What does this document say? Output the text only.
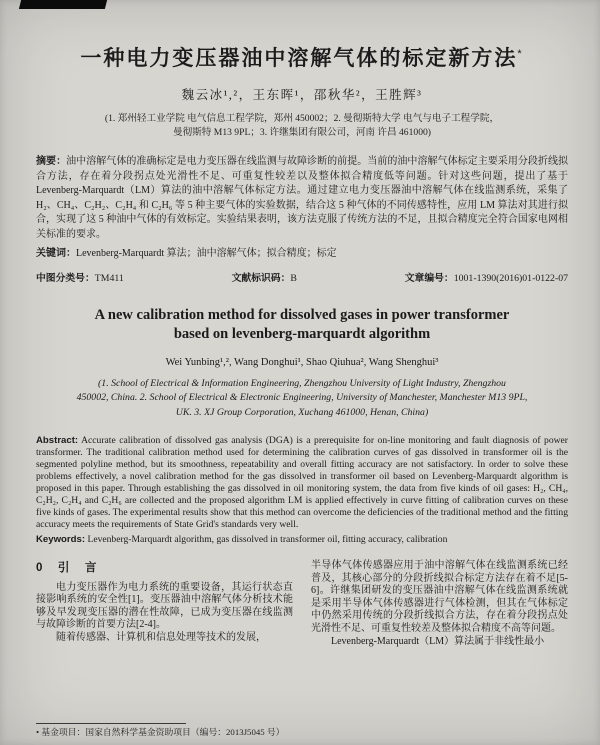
一种电力变压器油中溶解气体的标定新方法*
魏云冰¹,²，王东晖¹，邵秋华²，王胜辉³
(1. 郑州轻工业学院 电气信息工程学院，郑州 450002；2. 曼彻斯特大学 电气与电子工程学院，
曼彻斯特 M13 9PL；3. 许继集团有限公司，河南 许昌 461000)

摘要：油中溶解气体的准确标定是电力变压器在线监测与故障诊断的前提。当前的油中溶解气体标定主要采用分段折线拟合方法，存在着分段拐点处光滑性不足、可重复性较差以及整体拟合精度低等问题。针对这些问题，提出了基于 Levenberg-Marquardt（LM）算法的油中溶解气体标定方法。通过建立电力变压器油中溶解气体在线监测系统，采集了 H₂、CH₄、C₂H₂、C₂H₄ 和 C₂H₆ 等 5 种主要气体的实验数据，结合这 5 种气体的不同传感特性，应用 LM 算法对其进行拟合，实现了这 5 种油中气体的有效标定。实验结果表明，该方法克服了传统方法的不足，且拟合精度完全符合国家电网相关标准的要求。

关键词：Levenberg-Marquardt 算法；油中溶解气体；拟合精度；标定

中图分类号：TM411	文献标识码：B	文章编号：1001-1390(2016)01-0122-07
A new calibration method for dissolved gases in power transformer
based on levenberg-marquardt algorithm
Wei Yunbing¹,², Wang Donghui¹, Shao Qiuhua², Wang Shenghui³
(1. School of Electrical & Information Engineering, Zhengzhou University of Light Industry, Zhengzhou
450002, China. 2. School of Electrical & Electronic Engineering, University of Manchester, Manchester M13 9PL,
UK. 3. XJ Group Corporation, Xuchang 461000, Henan, China)

Abstract: Accurate calibration of dissolved gas analysis (DGA) is a prerequisite for on-line monitoring and fault diagnosis of power transformer. The traditional calibration method used for determining the calibration curves of gas dissolved in transformer oil is the segmented polyline method, but its smoothness, repeatability and overall fitting accuracy are not satisfactory. In order to solve these problems effectively, a novel calibration method for the gas dissolved in transformer oil based on Levenberg-Marquardt algorithm is proposed in this paper. Through establishing the gas dissolved in oil monitoring system, the data from five kinds of oil gases: H₂, CH₄, C₂H₂, C₂H₄ and C₂H₆ are collected and the proposed algorithm LM is applied effectively in curve fitting of calibration curves on these five kinds of gases. The experimental results show that this method can overcome the deficiencies of the traditional method and the fitting accuracy meets the requirements of State Grid's standards very well.

Keywords: Levenberg-Marquardt algorithm, gas dissolved in transformer oil, fitting accuracy, calibration

0　引　言

电力变压器作为电力系统的重要设备，其运行状态直接影响系统的安全性[1]。变压器油中溶解气体分析技术能够及早发现变压器的潜在性故障，已成为变压器在线监测与故障诊断的首要方法[2-4]。

随着传感器、计算机和信息处理等技术的发展，

半导体气体传感器应用于油中溶解气体在线监测系统已经普及，其核心部分的分段折线拟合标定方法存在着不足[5-6]。许继集团研发的变压器油中溶解气体在线监测系统就是采用半导体气体传感器进行气体检测，但其在气体标定中仍然采用传统的分段折线拟合方法，存在着分段拐点处光滑性不足、可重复性较差及整体拟合精度不高等问题。

Levenberg-Marquardt（LM）算法属于非线性最小

• 基金项目：国家自然科学基金资助项目（编号：2013J5045 号）
